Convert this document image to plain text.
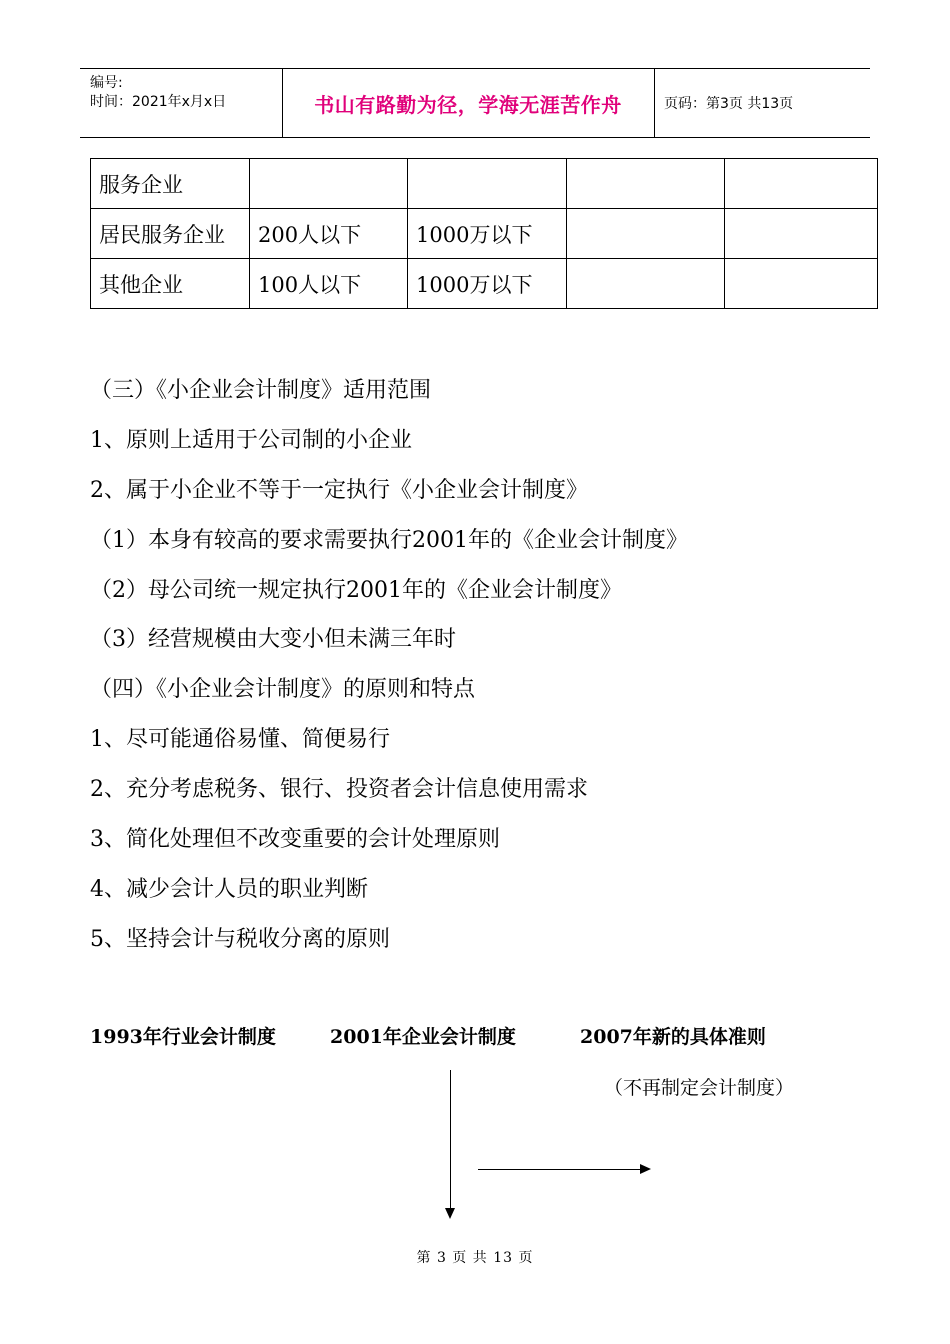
编号:
时间：2021年x月x日	书山有路勤为径，学海无涯苦作舟	页码：第3页 共13页
服务企业				
居民服务企业	200人以下	1000万以下		
其他企业	100人以下	1000万以下		
（三）《小企业会计制度》适用范围
1、原则上适用于公司制的小企业
2、属于小企业不等于一定执行《小企业会计制度》
（1）本身有较高的要求需要执行2001年的《企业会计制度》
（2）母公司统一规定执行2001年的《企业会计制度》
（3）经营规模由大变小但未满三年时
（四）《小企业会计制度》的原则和特点
1、尽可能通俗易懂、简便易行
2、充分考虑税务、银行、投资者会计信息使用需求
3、简化处理但不改变重要的会计处理原则
4、减少会计人员的职业判断
5、坚持会计与税收分离的原则
1993年行业会计制度	2001年企业会计制度	2007年新的具体准则
（不再制定会计制度）
第 3 页 共 13 页
